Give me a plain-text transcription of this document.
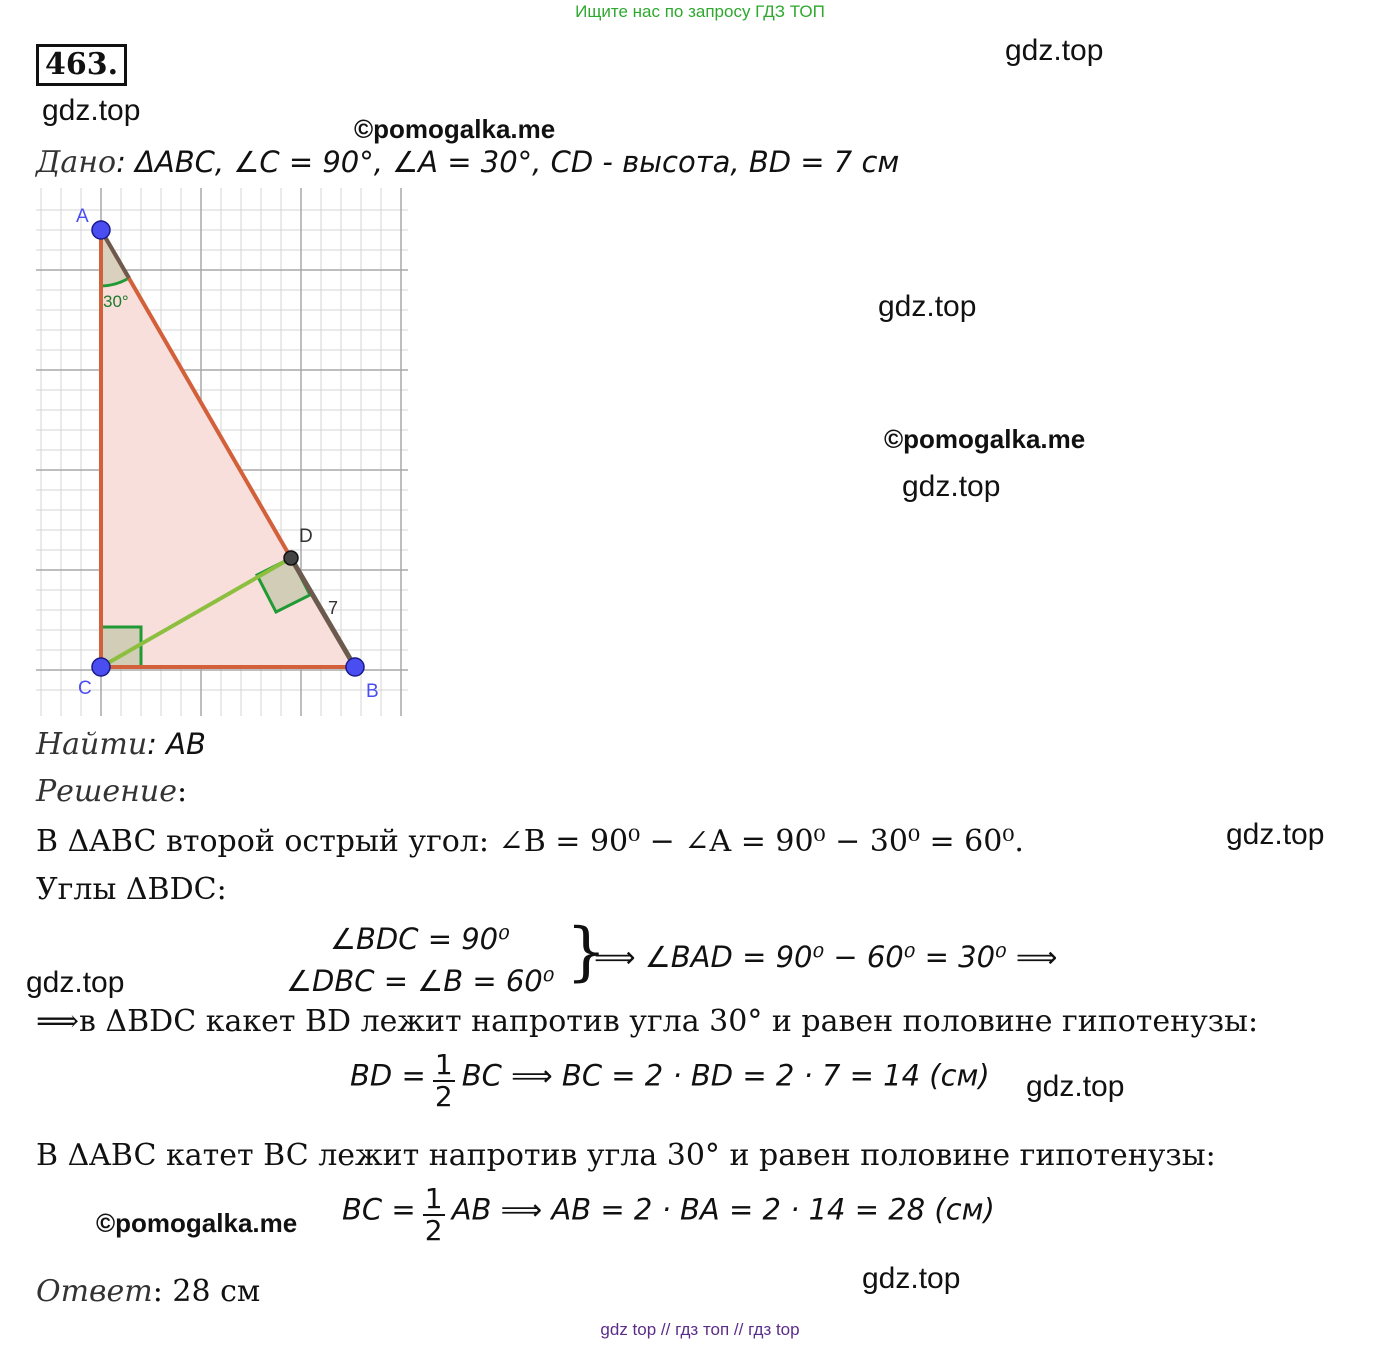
Ищите нас по запросу ГДЗ ТОП
463.	gdz.top
gdz.top
©pomogalka.me
gdz.top
©pomogalka.me
gdz.top
gdz.top
gdz.top
gdz.top
©pomogalka.me
gdz.top
Дано: ΔABC, ∠C = 90°, ∠A = 30°, CD - высота, BD = 7 см
A
B
C
D
30°
7
Найти: AB
Решение:
В ΔABC второй острый угол: ∠B = 90⁰ − ∠A = 90⁰ − 30⁰ = 60⁰.
Углы ΔBDC:
∠BDC = 90⁰
∠DBC = ∠B = 60⁰ }
⟹ ∠BAD = 90⁰ − 60⁰ = 30⁰ ⟹
⟹в ΔBDC какет BD лежит напротив угла 30° и равен половине гипотенузы:
BD = $\frac{1}{2}$ BC ⟹ BC = 2 · BD = 2 · 7 = 14 (см)
В ΔABC катет BC лежит напротив угла 30° и равен половине гипотенузы:
BC = $\frac{1}{2}$ AB ⟹ AB = 2 · BA = 2 · 14 = 28 (см)
Ответ: 28 см
gdz top // гдз топ // гдз top
